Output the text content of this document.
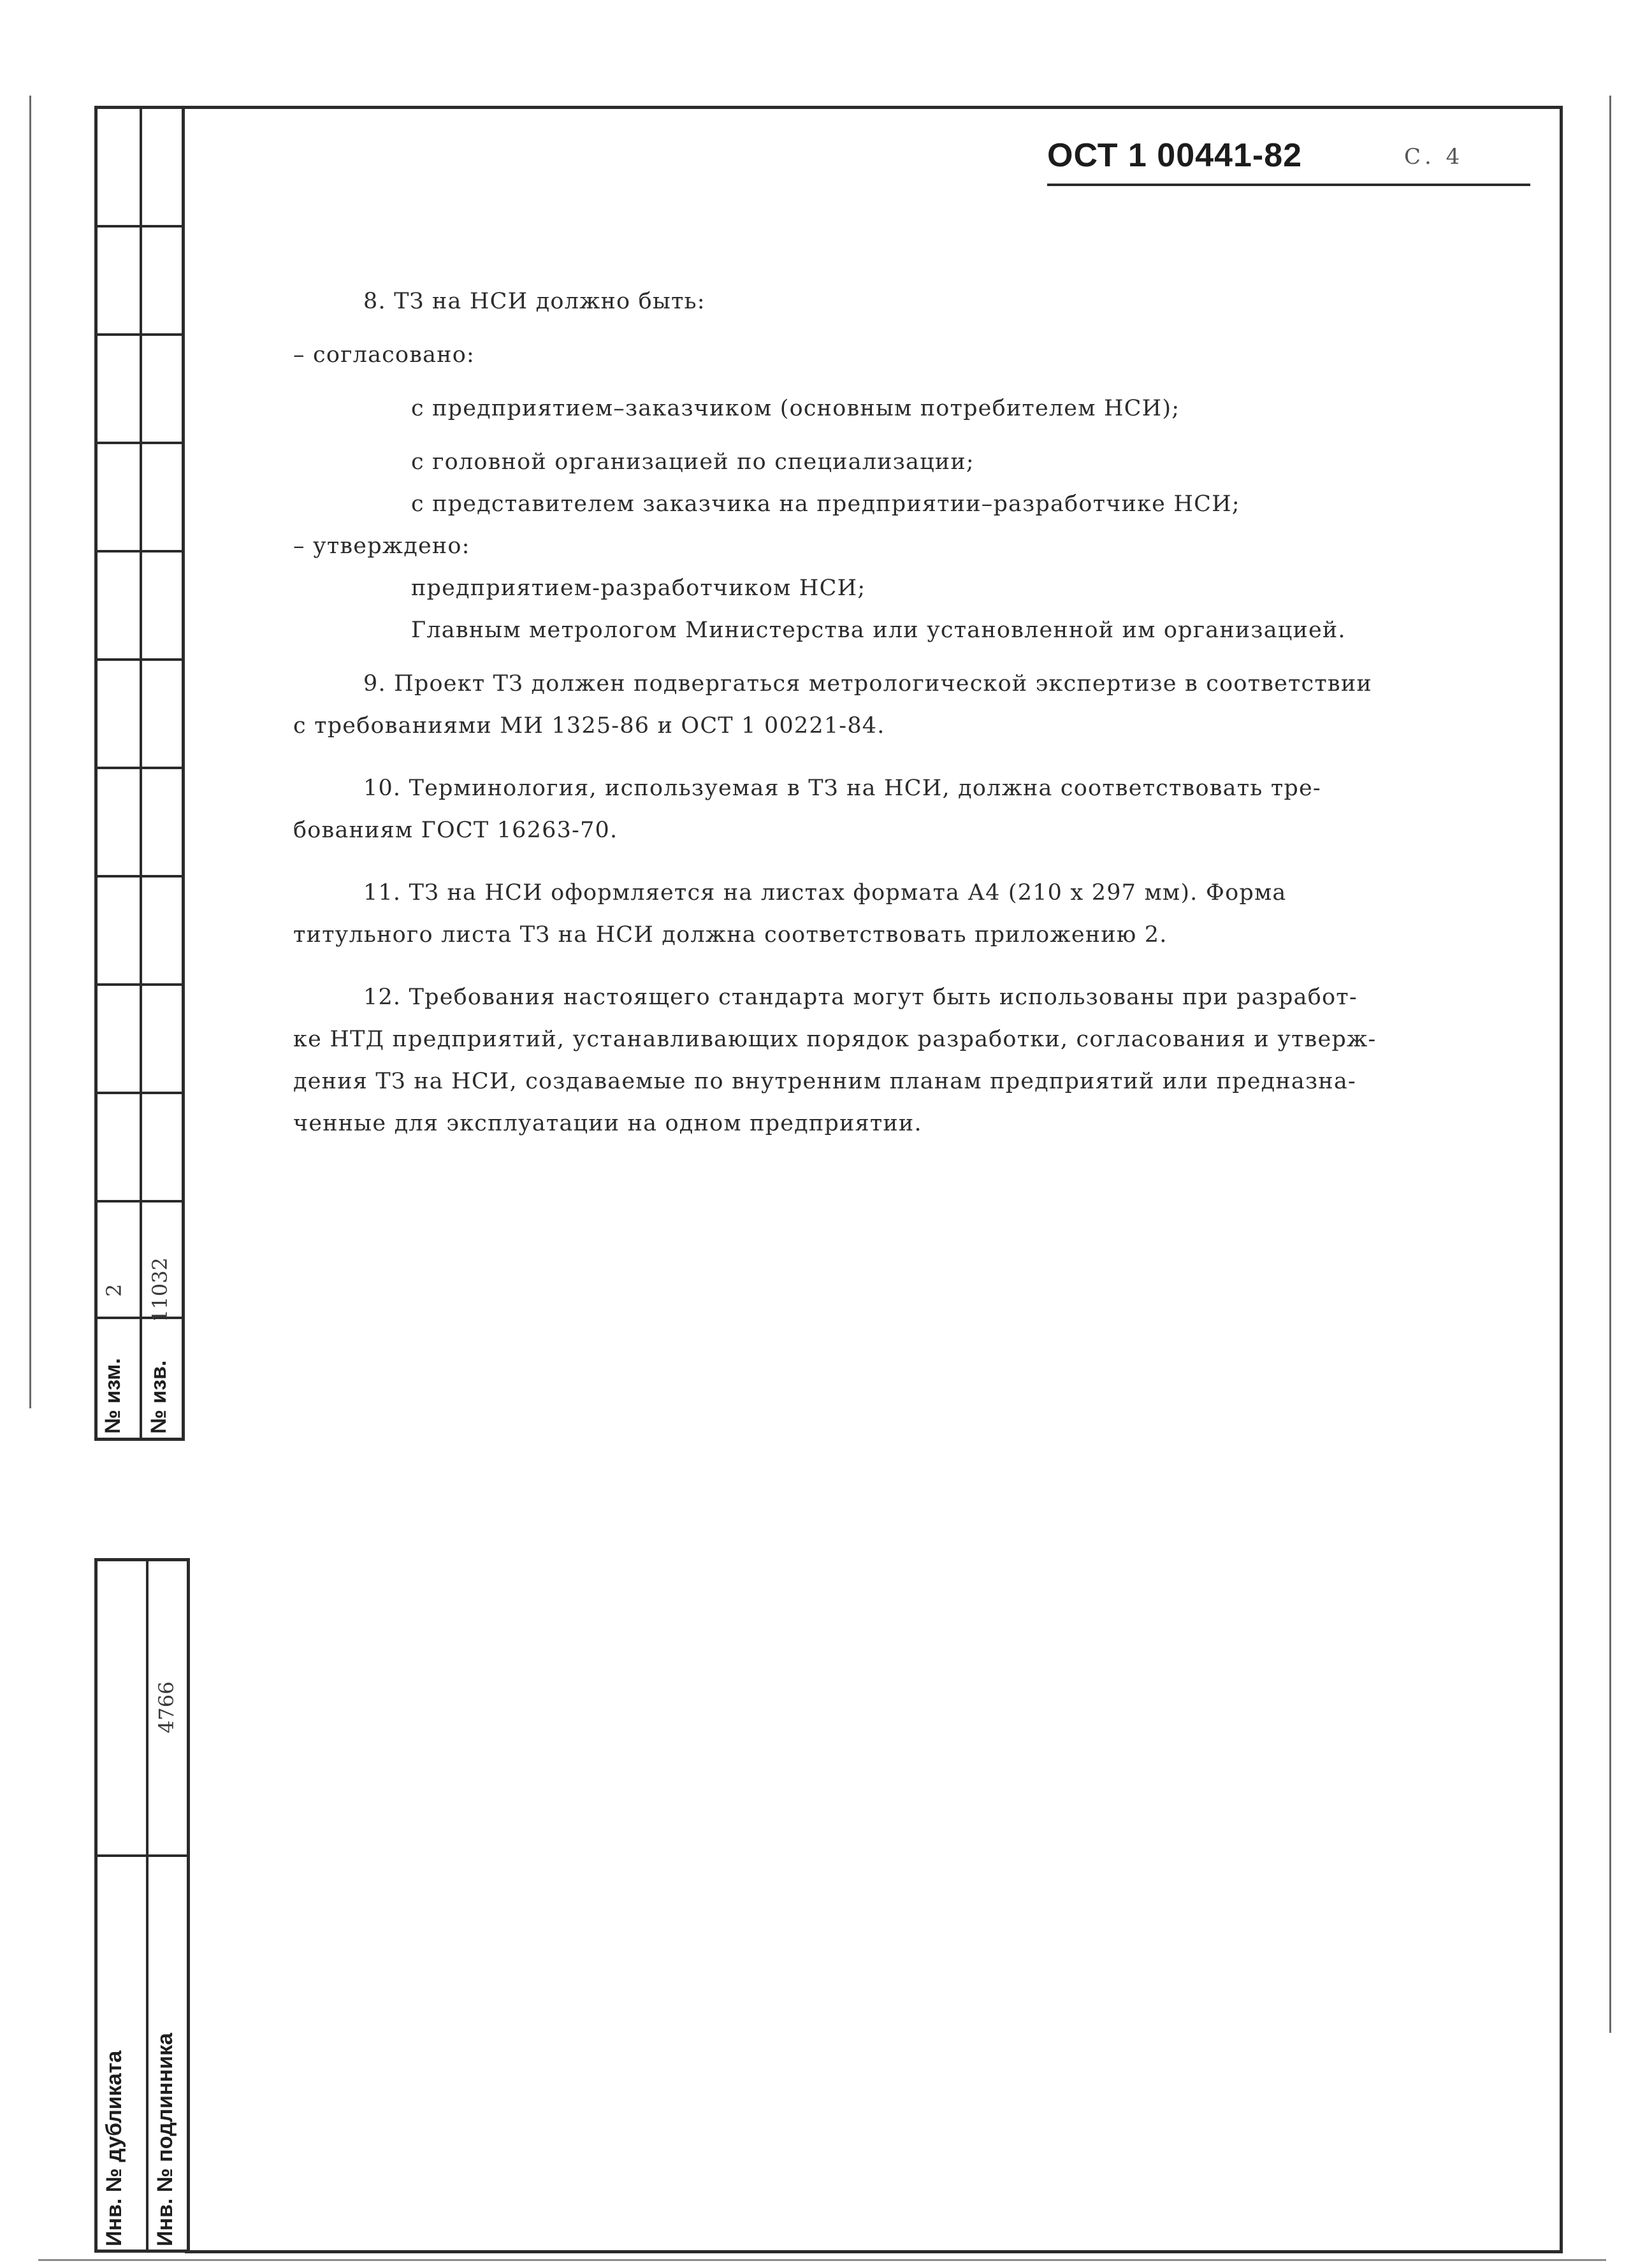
№ изм.
2
№ изв.
11032
4766
Инв. № дубликата Инв. № подлинника
ОСТ 1 00441-82	С. 4
8. ТЗ на НСИ должно быть:
– согласовано:
с предприятием–заказчиком (основным потребителем НСИ);
с головной организацией по специализации;
с представителем заказчика на предприятии–разработчике НСИ;
– утверждено:
предприятием-разработчиком НСИ;
Главным метрологом Министерства или установленной им организацией.
9. Проект ТЗ должен подвергаться метрологической экспертизе в соответствии
с требованиями МИ 1325-86 и ОСТ 1 00221-84.
10. Терминология, используемая в ТЗ на НСИ, должна соответствовать тре-
бованиям ГОСТ 16263-70.
11. ТЗ на НСИ оформляется на листах формата А4 (210 х 297 мм). Форма
титульного листа ТЗ на НСИ должна соответствовать приложению 2.
12. Требования настоящего стандарта могут быть использованы при разработ-
ке НТД предприятий, устанавливающих порядок разработки, согласования и утверж-
дения ТЗ на НСИ, создаваемые по внутренним планам предприятий или предназна-
ченные для эксплуатации на одном предприятии.
